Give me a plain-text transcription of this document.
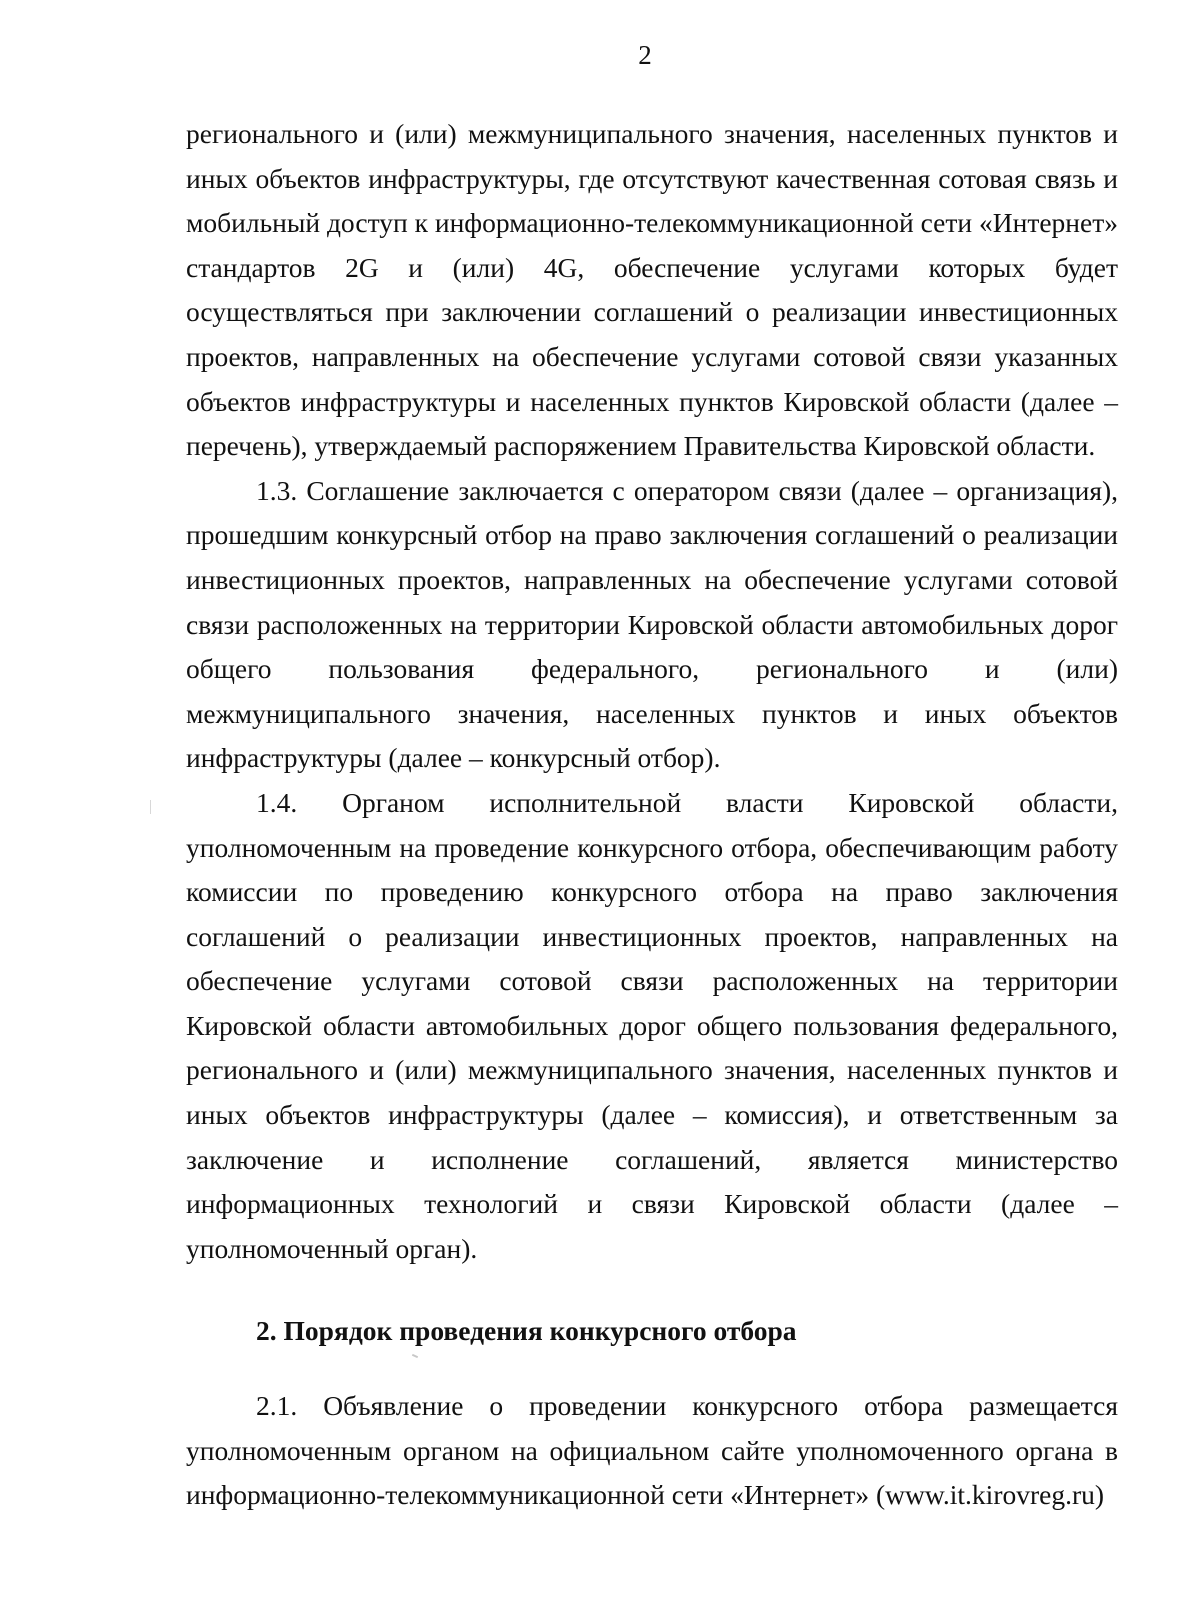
2

регионального и (или) межмуниципального значения, населенных пунктов и иных объектов инфраструктуры, где отсутствуют качественная сотовая связь и мобильный доступ к информационно-телекоммуникационной сети «Интернет» стандартов 2G и (или) 4G, обеспечение услугами которых будет осуществляться при заключении соглашений о реализации инвестиционных проектов, направленных на обеспечение услугами сотовой связи указанных объектов инфраструктуры и населенных пунктов Кировской области (далее – перечень), утверждаемый распоряжением Правительства Кировской области.

1.3. Соглашение заключается с оператором связи (далее – организация), прошедшим конкурсный отбор на право заключения соглашений о реализации инвестиционных проектов, направленных на обеспечение услугами сотовой связи расположенных на территории Кировской области автомобильных дорог общего пользования федерального, регионального и (или) межмуниципального значения, населенных пунктов и иных объектов инфраструктуры (далее – конкурсный отбор).

1.4. Органом исполнительной власти Кировской области, уполномоченным на проведение конкурсного отбора, обеспечивающим работу комиссии по проведению конкурсного отбора на право заключения соглашений о реализации инвестиционных проектов, направленных на обеспечение услугами сотовой связи расположенных на территории Кировской области автомобильных дорог общего пользования федерального, регионального и (или) межмуниципального значения, населенных пунктов и иных объектов инфраструктуры (далее – комиссия), и ответственным за заключение и исполнение соглашений, является министерство информационных технологий и связи Кировской области (далее – уполномоченный орган).

2. Порядок проведения конкурсного отбора

2.1. Объявление о проведении конкурсного отбора размещается уполномоченным органом на официальном сайте уполномоченного органа в информационно-телекоммуникационной сети «Интернет» (www.it.kirovreg.ru)
